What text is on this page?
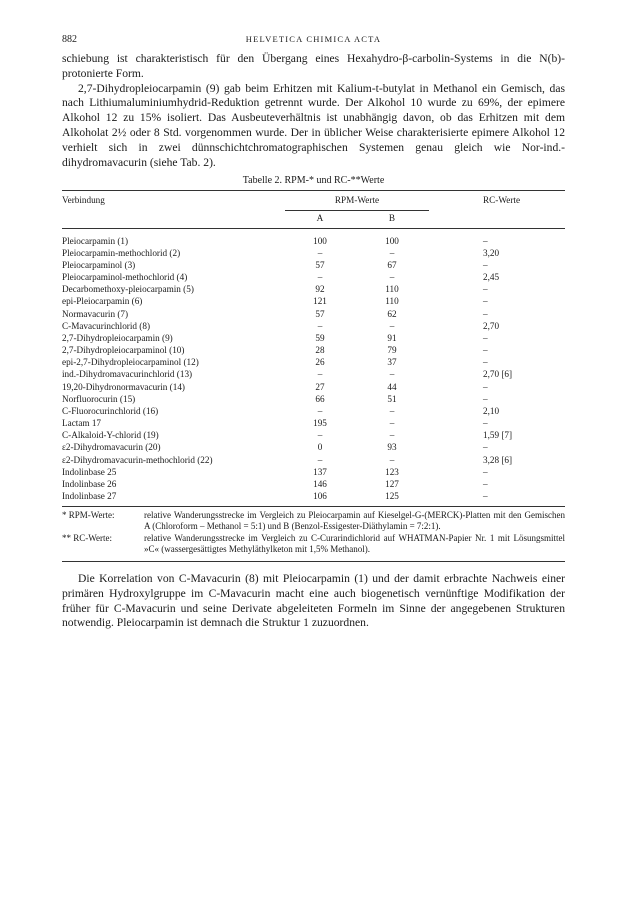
882	HELVETICA CHIMICA ACTA

schiebung ist charakteristisch für den Übergang eines Hexahydro-β-carbolin-Systems in die N(b)-protonierte Form.

2,7-Dihydropleiocarpamin (9) gab beim Erhitzen mit Kalium-t-butylat in Methanol ein Gemisch, das nach Lithiumaluminiumhydrid-Reduktion getrennt wurde. Der Alkohol 10 wurde zu 69%, der epimere Alkohol 12 zu 15% isoliert. Das Ausbeuteverhältnis ist unabhängig davon, ob das Erhitzen mit dem Alkoholat 2½ oder 8 Std. vorgenommen wurde. Der in üblicher Weise charakterisierte epimere Alkohol 12 verhielt sich in zwei dünnschichtchromatographischen Systemen genau gleich wie Nor-ind.-dihydromavacurin (siehe Tab. 2).

Tabelle 2. RPM-* und RC-**Werte
Verbindung	RPM-Werte		RC-Werte
	A	B	
Pleiocarpamin (1)	100	100	–
Pleiocarpamin-methochlorid (2)	–	–	3,20
Pleiocarpaminol (3)	57	67	–
Pleiocarpaminol-methochlorid (4)	–	–	2,45
Decarbomethoxy-pleiocarpamin (5)	92	110	–
epi-Pleiocarpamin (6)	121	110	–
Normavacurin (7)	57	62	–
C-Mavacurinchlorid (8)	–	–	2,70
2,7-Dihydropleiocarpamin (9)	59	91	–
2,7-Dihydropleiocarpaminol (10)	28	79	–
epi-2,7-Dihydropleiocarpaminol (12)	26	37	–
ind.-Dihydromavacurinchlorid (13)	–	–	2,70 [6]
19,20-Dihydronormavacurin (14)	27	44	–
Norfluorocurin (15)	66	51	–
C-Fluorocurinchlorid (16)	–	–	2,10
Lactam 17	195	–	–
C-Alkaloid-Y-chlorid (19)	–	–	1,59 [7]
ε2-Dihydromavacurin (20)	0	93	–
ε2-Dihydromavacurin-methochlorid (22)	–	–	3,28 [6]
Indolinbase 25	137	123	–
Indolinbase 26	146	127	–
Indolinbase 27	106	125	–
* RPM-Werte:	relative Wanderungsstrecke im Vergleich zu Pleiocarpamin auf Kieselgel-G-(MERCK)-Platten mit den Gemischen A (Chloroform – Methanol = 5:1) und B (Benzol-Essigester-Diäthylamin = 7:2:1).
** RC-Werte:	relative Wanderungsstrecke im Vergleich zu C-Curarindichlorid auf WHATMAN-Papier Nr. 1 mit Lösungsmittel »C« (wassergesättigtes Methyläthylketon mit 1,5% Methanol).

Die Korrelation von C-Mavacurin (8) mit Pleiocarpamin (1) und der damit erbrachte Nachweis einer primären Hydroxylgruppe im C-Mavacurin macht eine auch biogenetisch vernünftige Modifikation der früher für C-Mavacurin und seine Derivate abgeleiteten Formeln im Sinne der angegebenen Strukturen notwendig. Pleiocarpamin ist demnach die Struktur 1 zuzuordnen.
